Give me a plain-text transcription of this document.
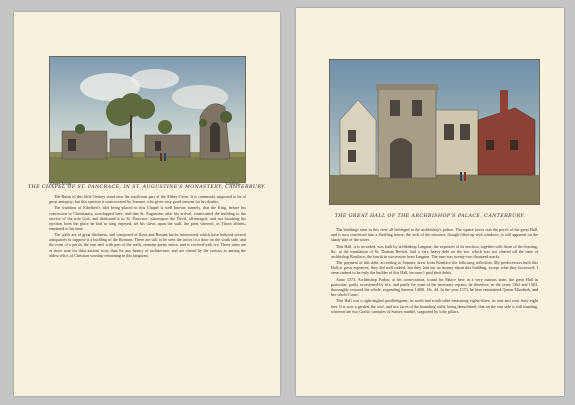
Sparr. sculp.	Godfrey
THE CHAPEL OF ST. PANCRACE, IN ST. AUGUSTINE'S MONASTERY, CANTERBURY.

The Ruins of this little Oratory stand near the south-east part of the Abbey-Close. It is commonly supposed to be of great antiquity; but this opinion is controverted by Somner, who gives very good reasons for his doubts.

The tradition of Ethelbert's idol being placed in this Chapel is well known; namely, that the King, before his conversion to Christianity, worshipped here, and that St. Augustine, after his arrival, consecrated the building to the service of the true God, and dedicated it to St. Pancrace: whereupon the Devil, all-enraged, and not brooking his ejection from the place he had so long enjoyed, set his claws upon the wall, the print whereof, as Thorn affirms, remained to his time.

The walls are of great thickness, and composed of flints and Roman bricks intermixed, which have induced several antiquaries to suppose it a building of the Romans. There are still to be seen the traces of a door on the south side, and the ruins of a porch; the east end, with part of the walls, remains pretty entire, and is covered with ivy. These ruins are of more note for their ancient story than for any beauty of architecture, and are visited by the curious as among the oldest relics of Christian worship remaining in this kingdom.

THE GREAT HALL OF THE ARCHBISHOP'S PALACE, CANTERBURY.

The buildings seen in this view all belonged to the archbishop's palace. The square tower was the porch of the great Hall, and is now converted into a dwelling house; the arch of the entrance, though filled up with windows, is still apparent on the shady side of the tower.

This Hall, it is recorded, was built by archbishop Langton; the expences of its erection, together with those of the feasting, &c. at the translation of St. Thomas Becket, laid a very heavy debt on the see, which was not cleared till the time of archbishop Boniface, the fourth in succession from Langton. The sum was twenty-two thousand marks.

The payment of this debt, according to Somner, drew from Boniface the following reflection: My predecessors built this Hall at great expences; they did well indeed, but they laid out no money about this building, except what they borrowed; I seem indeed to be truly the builder of this Hall, because I paid their debts.

Anno 1573, Archbishop Parker, at his consecration, found his Palace here in a very ruinous state, the great Hall in particular, partly occasioned by fire, and partly for want of the necessary repairs; he therefore, in the years 1562 and 1563, thoroughly restored the whole, expending thereon 1400l. 13s. 4d. In the year 1573, he here entertained Queen Elizabeth, and her whole Court.

This Hall was a right-angled parallelogram, its north and south sides measuring eighty-three, its east and west forty-eight feet. It is now a garden, the roof, and two faces of the bounding walls, being demolished; that on the east side is still standing, whereon are two Gothic canopies of Sussex marble, supported by lofty pillars.
